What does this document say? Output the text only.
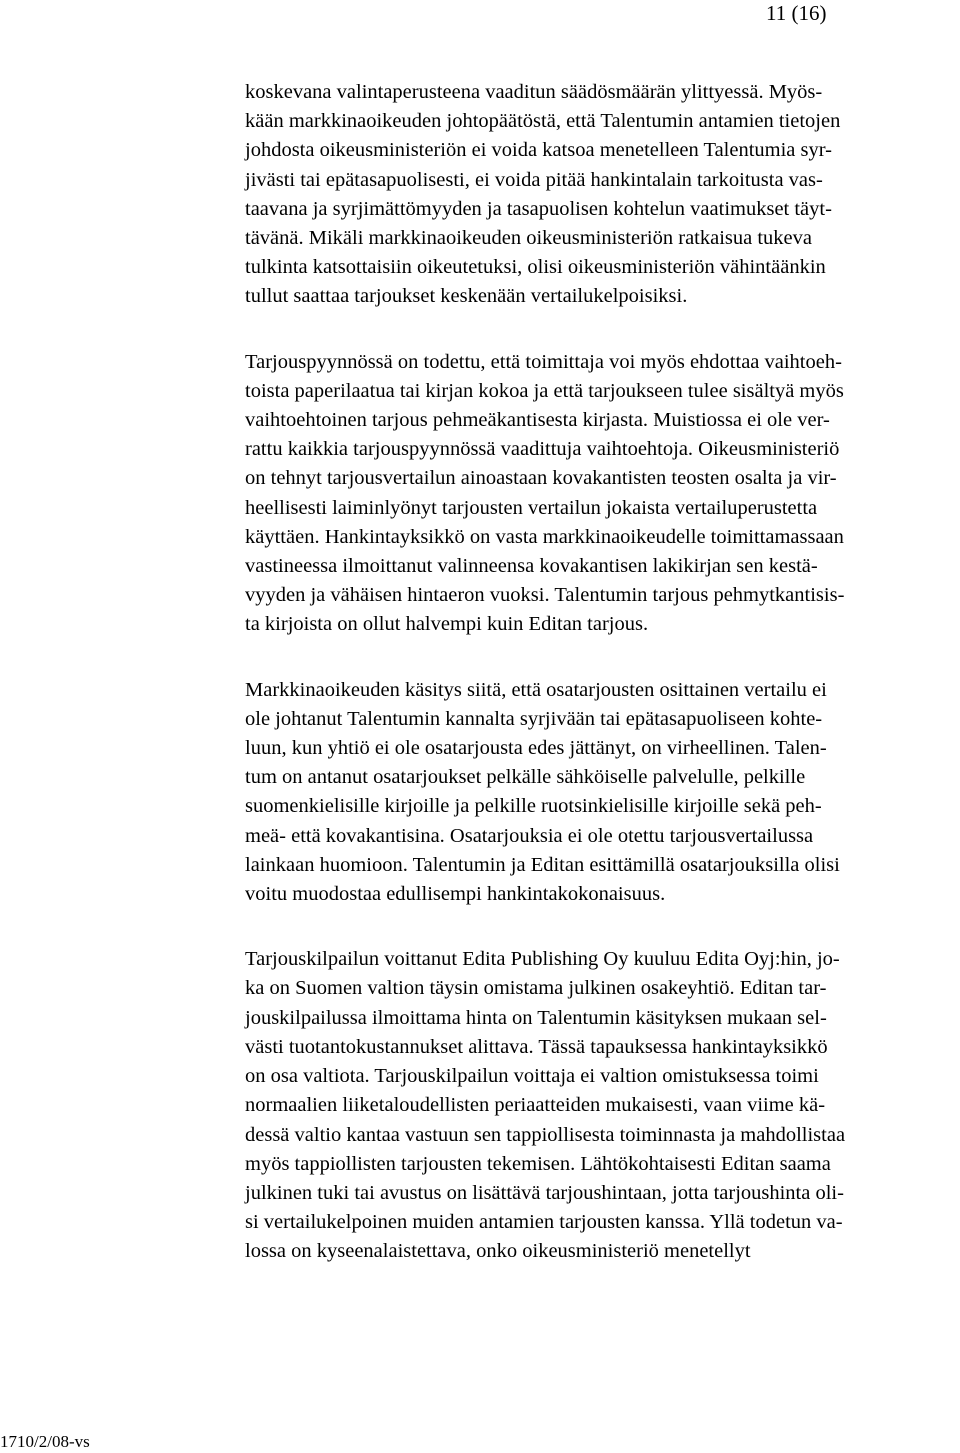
11 (16)

koskevana valintaperusteena vaaditun säädösmäärän ylittyessä. Myös-
kään markkinaoikeuden johtopäätöstä, että Talentumin antamien tietojen
johdosta oikeusministeriön ei voida katsoa menetelleen Talentumia syr-
jivästi tai epätasapuolisesti, ei voida pitää hankintalain tarkoitusta vas-
taavana ja syrjimättömyyden ja tasapuolisen kohtelun vaatimukset täyt-
tävänä. Mikäli markkinaoikeuden oikeusministeriön ratkaisua tukeva
tulkinta katsottaisiin oikeutetuksi, olisi oikeusministeriön vähintäänkin
tullut saattaa tarjoukset keskenään vertailukelpoisiksi.

Tarjouspyynnössä on todettu, että toimittaja voi myös ehdottaa vaihtoeh-
toista paperilaatua tai kirjan kokoa ja että tarjoukseen tulee sisältyä myös
vaihtoehtoinen tarjous pehmeäkantisesta kirjasta. Muistiossa ei ole ver-
rattu kaikkia tarjouspyynnössä vaadittuja vaihtoehtoja. Oikeusministeriö
on tehnyt tarjousvertailun ainoastaan kovakantisten teosten osalta ja vir-
heellisesti laiminlyönyt tarjousten vertailun jokaista vertailuperustetta
käyttäen. Hankintayksikkö on vasta markkinaoikeudelle toimittamassaan
vastineessa ilmoittanut valinneensa kovakantisen lakikirjan sen kestä-
vyyden ja vähäisen hintaeron vuoksi. Talentumin tarjous pehmytkantisis-
ta kirjoista on ollut halvempi kuin Editan tarjous.

Markkinaoikeuden käsitys siitä, että osatarjousten osittainen vertailu ei
ole johtanut Talentumin kannalta syrjivään tai epätasapuoliseen kohte-
luun, kun yhtiö ei ole osatarjousta edes jättänyt, on virheellinen. Talen-
tum on antanut osatarjoukset pelkälle sähköiselle palvelulle, pelkille
suomenkielisille kirjoille ja pelkille ruotsinkielisille kirjoille sekä peh-
meä- että kovakantisina. Osatarjouksia ei ole otettu tarjousvertailussa
lainkaan huomioon. Talentumin ja Editan esittämillä osatarjouksilla olisi
voitu muodostaa edullisempi hankintakokonaisuus.

Tarjouskilpailun voittanut Edita Publishing Oy kuuluu Edita Oyj:hin, jo-
ka on Suomen valtion täysin omistama julkinen osakeyhtiö. Editan tar-
jouskilpailussa ilmoittama hinta on Talentumin käsityksen mukaan sel-
västi tuotantokustannukset alittava. Tässä tapauksessa hankintayksikkö
on osa valtiota. Tarjouskilpailun voittaja ei valtion omistuksessa toimi
normaalien liiketaloudellisten periaatteiden mukaisesti, vaan viime kä-
dessä valtio kantaa vastuun sen tappiollisesta toiminnasta ja mahdollistaa
myös tappiollisten tarjousten tekemisen. Lähtökohtaisesti Editan saama
julkinen tuki tai avustus on lisättävä tarjoushintaan, jotta tarjoushinta oli-
si vertailukelpoinen muiden antamien tarjousten kanssa. Yllä todetun va-
lossa on kyseenalaistettava, onko oikeusministeriö menetellyt

1710/2/08-vs
